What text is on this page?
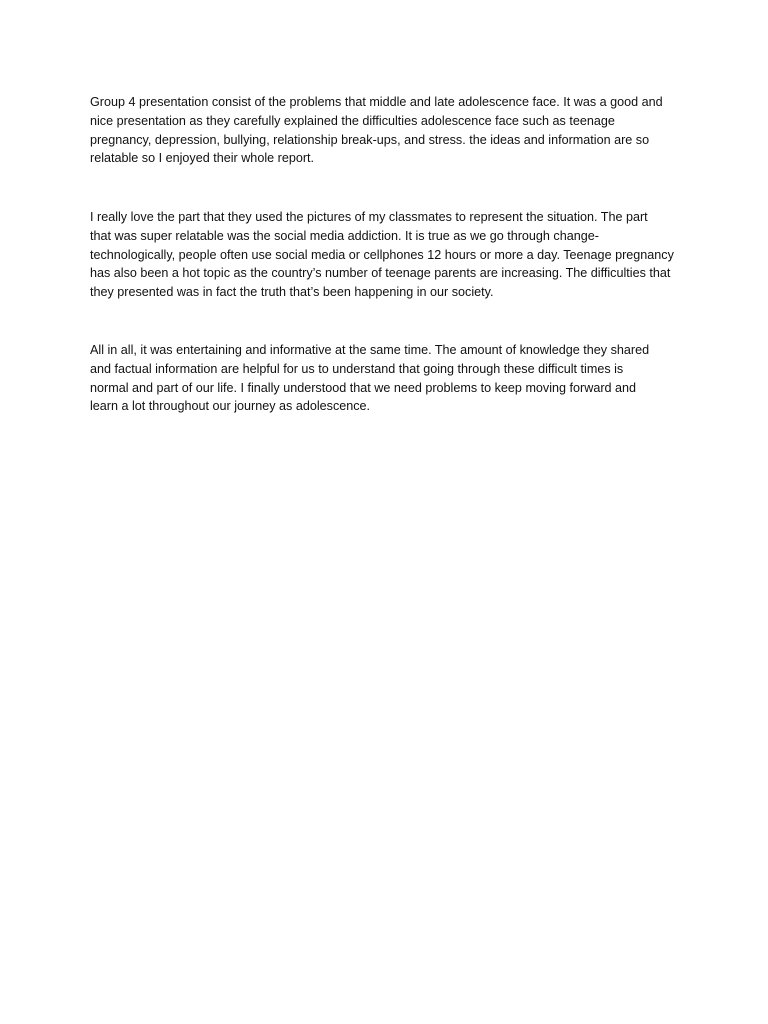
Group 4 presentation consist of the problems that middle and late adolescence face. It was a good and
nice presentation as they carefully explained the difficulties adolescence face such as teenage
pregnancy, depression, bullying, relationship break-ups, and stress. the ideas and information are so
relatable so I enjoyed their whole report.
I really love the part that they used the pictures of my classmates to represent the situation. The part
that was super relatable was the social media addiction. It is true as we go through change-
technologically, people often use social media or cellphones 12 hours or more a day. Teenage pregnancy
has also been a hot topic as the country’s number of teenage parents are increasing. The difficulties that
they presented was in fact the truth that’s been happening in our society.
All in all, it was entertaining and informative at the same time. The amount of knowledge they shared
and factual information are helpful for us to understand that going through these difficult times is
normal and part of our life. I finally understood that we need problems to keep moving forward and
learn a lot throughout our journey as adolescence.
